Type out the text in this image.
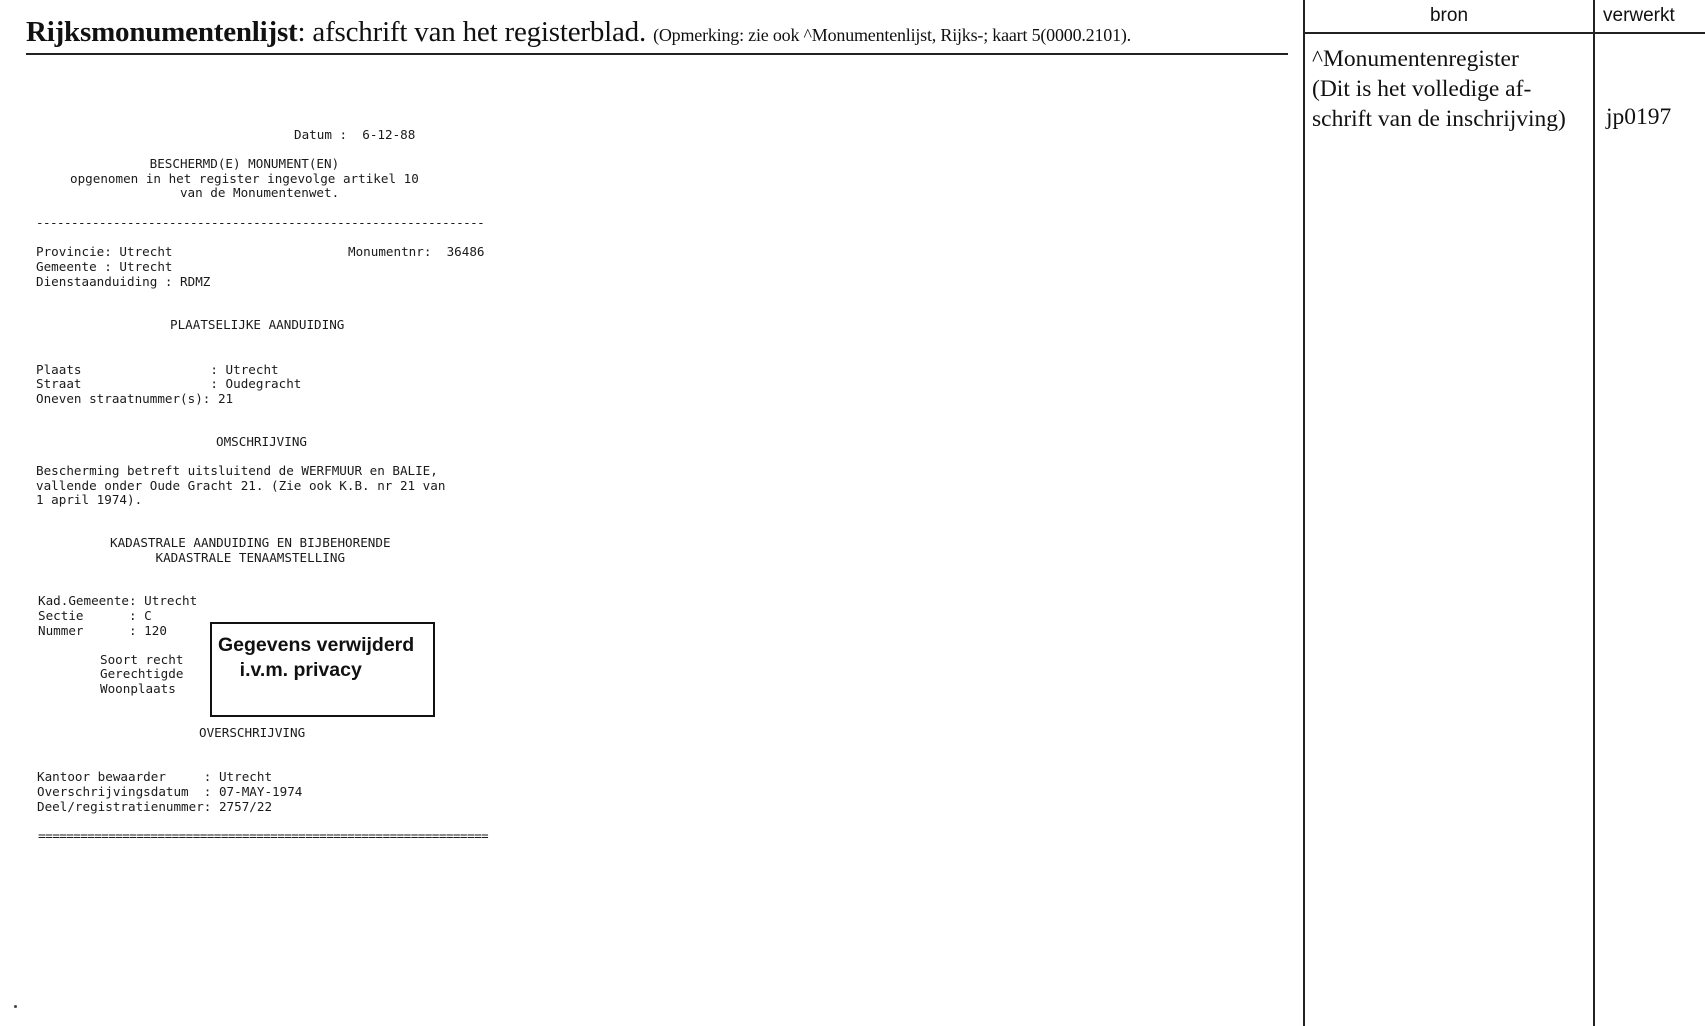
Rijksmonumentenlijst: afschrift van het registerblad. (Opmerking: zie ook ^Monumentenlijst, Rijks-; kaart 5(0000.2101).
bron	verwerkt
^Monumentenregister
(Dit is het volledige af-
schrift van de inschrijving) jp0197
Datum :  6-12-88
BESCHERMD(E) MONUMENT(EN)
opgenomen in het register ingevolge artikel 10
van de Monumentenwet.
----------------------------------------------------------------
Provincie: Utrecht	Monumentnr:  36486
Gemeente : Utrecht
Dienstaanduiding : RDMZ
PLAATSELIJKE AANDUIDING
Plaats                 : Utrecht
Straat                 : Oudegracht
Oneven straatnummer(s): 21
OMSCHRIJVING
Bescherming betreft uitsluitend de WERFMUUR en BALIE,
vallende onder Oude Gracht 21. (Zie ook K.B. nr 21 van
1 april 1974).
KADASTRALE AANDUIDING EN BIJBEHORENDE
KADASTRALE TENAAMSTELLING
Kad.Gemeente: Utrecht
Sectie      : C
Nummer      : 120
Soort recht
Gerechtigde
Woonplaats
Gegevens verwijderd
i.v.m. privacy
OVERSCHRIJVING
Kantoor bewaarder     : Utrecht
Overschrijvingsdatum  : 07-MAY-1974
Deel/registratienummer: 2757/22
================================================================
